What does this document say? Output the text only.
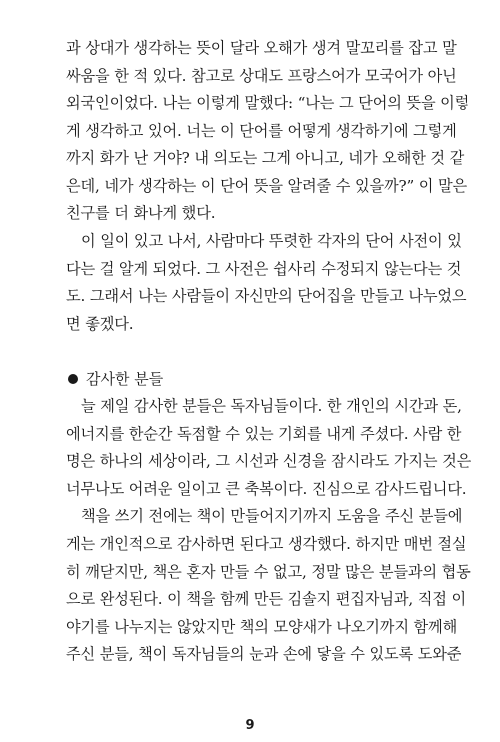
과 상대가 생각하는 뜻이 달라 오해가 생겨 말꼬리를 잡고 말
싸움을 한 적 있다. 참고로 상대도 프랑스어가 모국어가 아닌
외국인이었다. 나는 이렇게 말했다: “나는 그 단어의 뜻을 이렇
게 생각하고 있어. 너는 이 단어를 어떻게 생각하기에 그렇게
까지 화가 난 거야? 내 의도는 그게 아니고, 네가 오해한 것 같
은데, 네가 생각하는 이 단어 뜻을 알려줄 수 있을까?” 이 말은
친구를 더 화나게 했다.
이 일이 있고 나서, 사람마다 뚜렷한 각자의 단어 사전이 있
다는 걸 알게 되었다. 그 사전은 쉽사리 수정되지 않는다는 것
도. 그래서 나는 사람들이 자신만의 단어집을 만들고 나누었으
면 좋겠다.
감사한 분들
늘 제일 감사한 분들은 독자님들이다. 한 개인의 시간과 돈,
에너지를 한순간 독점할 수 있는 기회를 내게 주셨다. 사람 한
명은 하나의 세상이라, 그 시선과 신경을 잠시라도 가지는 것은
너무나도 어려운 일이고 큰 축복이다. 진심으로 감사드립니다.
책을 쓰기 전에는 책이 만들어지기까지 도움을 주신 분들에
게는 개인적으로 감사하면 된다고 생각했다. 하지만 매번 절실
히 깨닫지만, 책은 혼자 만들 수 없고, 정말 많은 분들과의 협동
으로 완성된다. 이 책을 함께 만든 김솔지 편집자님과, 직접 이
야기를 나누지는 않았지만 책의 모양새가 나오기까지 함께해
9
주신 분들, 책이 독자님들의 눈과 손에 닿을 수 있도록 도와준
